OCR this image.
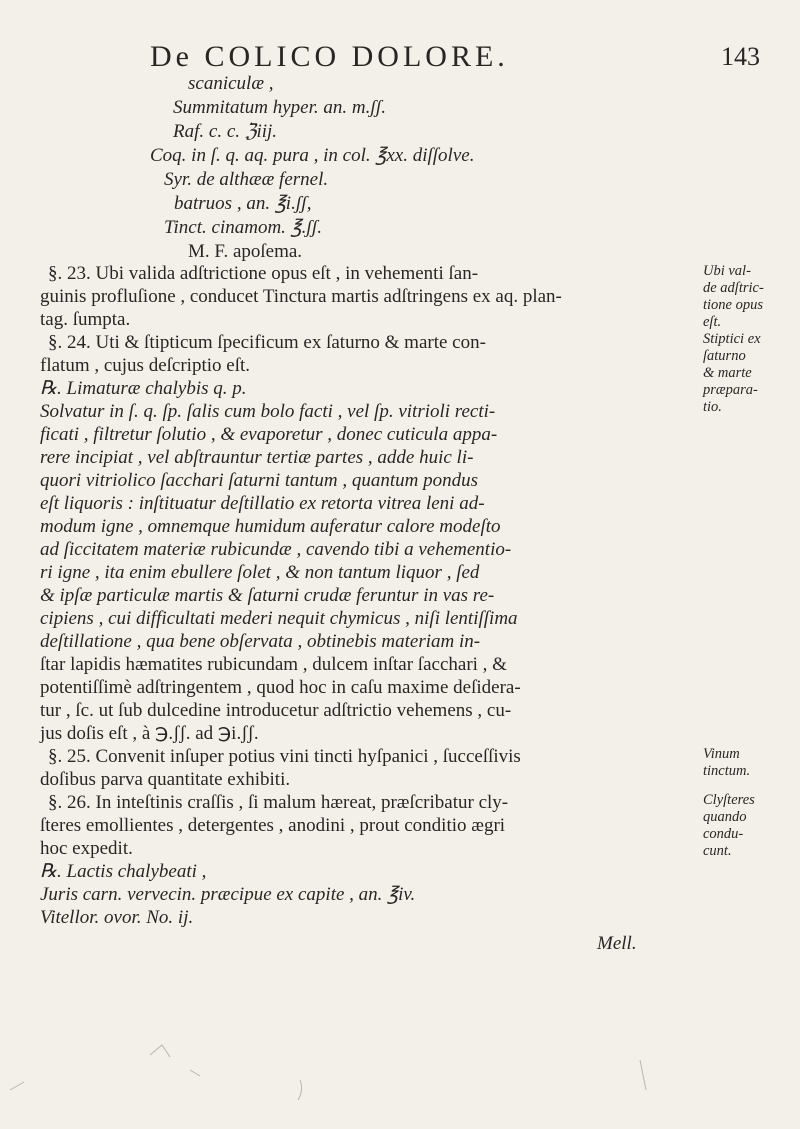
De COLICO DOLORE.	143
scaniculæ ,
Summitatum hyper. an. m.ʃʃ.
Raf. c. c. ℨiij.
Coq. in ſ. q. aq. pura , in col. ℥xx. diſſolve.
Syr. de althææ fernel.
batruos , an. ℥i.ʃʃ,
Tinct. cinamom. ℥.ʃʃ.
M. F. apoſema.
§. 23. Ubi valida adſtrictione opus eſt , in vehementi ſan-
guinis profluſione , conducet Tinctura martis adſtringens ex aq. plan-
tag. ſumpta.
§. 24. Uti & ſtipticum ſpecificum ex ſaturno & marte con-
flatum , cujus deſcriptio eſt.
℞. Limaturæ chalybis q. p.
Solvatur in ſ. q. ſp. ſalis cum bolo facti , vel ſp. vitrioli recti-
ficati , filtretur ſolutio , & evaporetur , donec cuticula appa-
rere incipiat , vel abſtrauntur tertiæ partes , adde huic li-
quori vitriolico ſacchari ſaturni tantum , quantum pondus
eſt liquoris : inſtituatur deſtillatio ex retorta vitrea leni ad-
modum igne , omnemque humidum auferatur calore modeſto
ad ſiccitatem materiæ rubicundæ , cavendo tibi a vehementio-
ri igne , ita enim ebullere ſolet , & non tantum liquor , ſed
& ipſæ particulæ martis & ſaturni crudæ feruntur in vas re-
cipiens , cui difficultati mederi nequit chymicus , niſi lentiſſima
deſtillatione , qua bene obſervata , obtinebis materiam in-
ſtar lapidis hæmatites rubicundam , dulcem inſtar ſacchari , &
potentiſſimè adſtringentem , quod hoc in caſu maxime deſidera-
tur , ſc. ut ſub dulcedine introducetur adſtrictio vehemens , cu-
jus doſis eſt , à ℈.ʃʃ. ad ℈i.ʃʃ.
§. 25. Convenit inſuper potius vini tincti hyſpanici , ſucceſſivis
doſibus parva quantitate exhibiti.
§. 26. In inteſtinis craſſis , ſi malum hæreat, præſcribatur cly-
ſteres emollientes , detergentes , anodini , prout conditio ægri
hoc expedit.
℞. Lactis chalybeati ,
Juris carn. vervecin. præcipue ex capite , an. ℥iv.
Vitellor. ovor. No. ij.
Mell.
Ubi val-
de adſtric-
tione opus
eſt.
Stiptici ex
ſaturno
& marte
præpara-
tio.
Vinum
tinctum.
Clyſteres
quando
condu-
cunt.
